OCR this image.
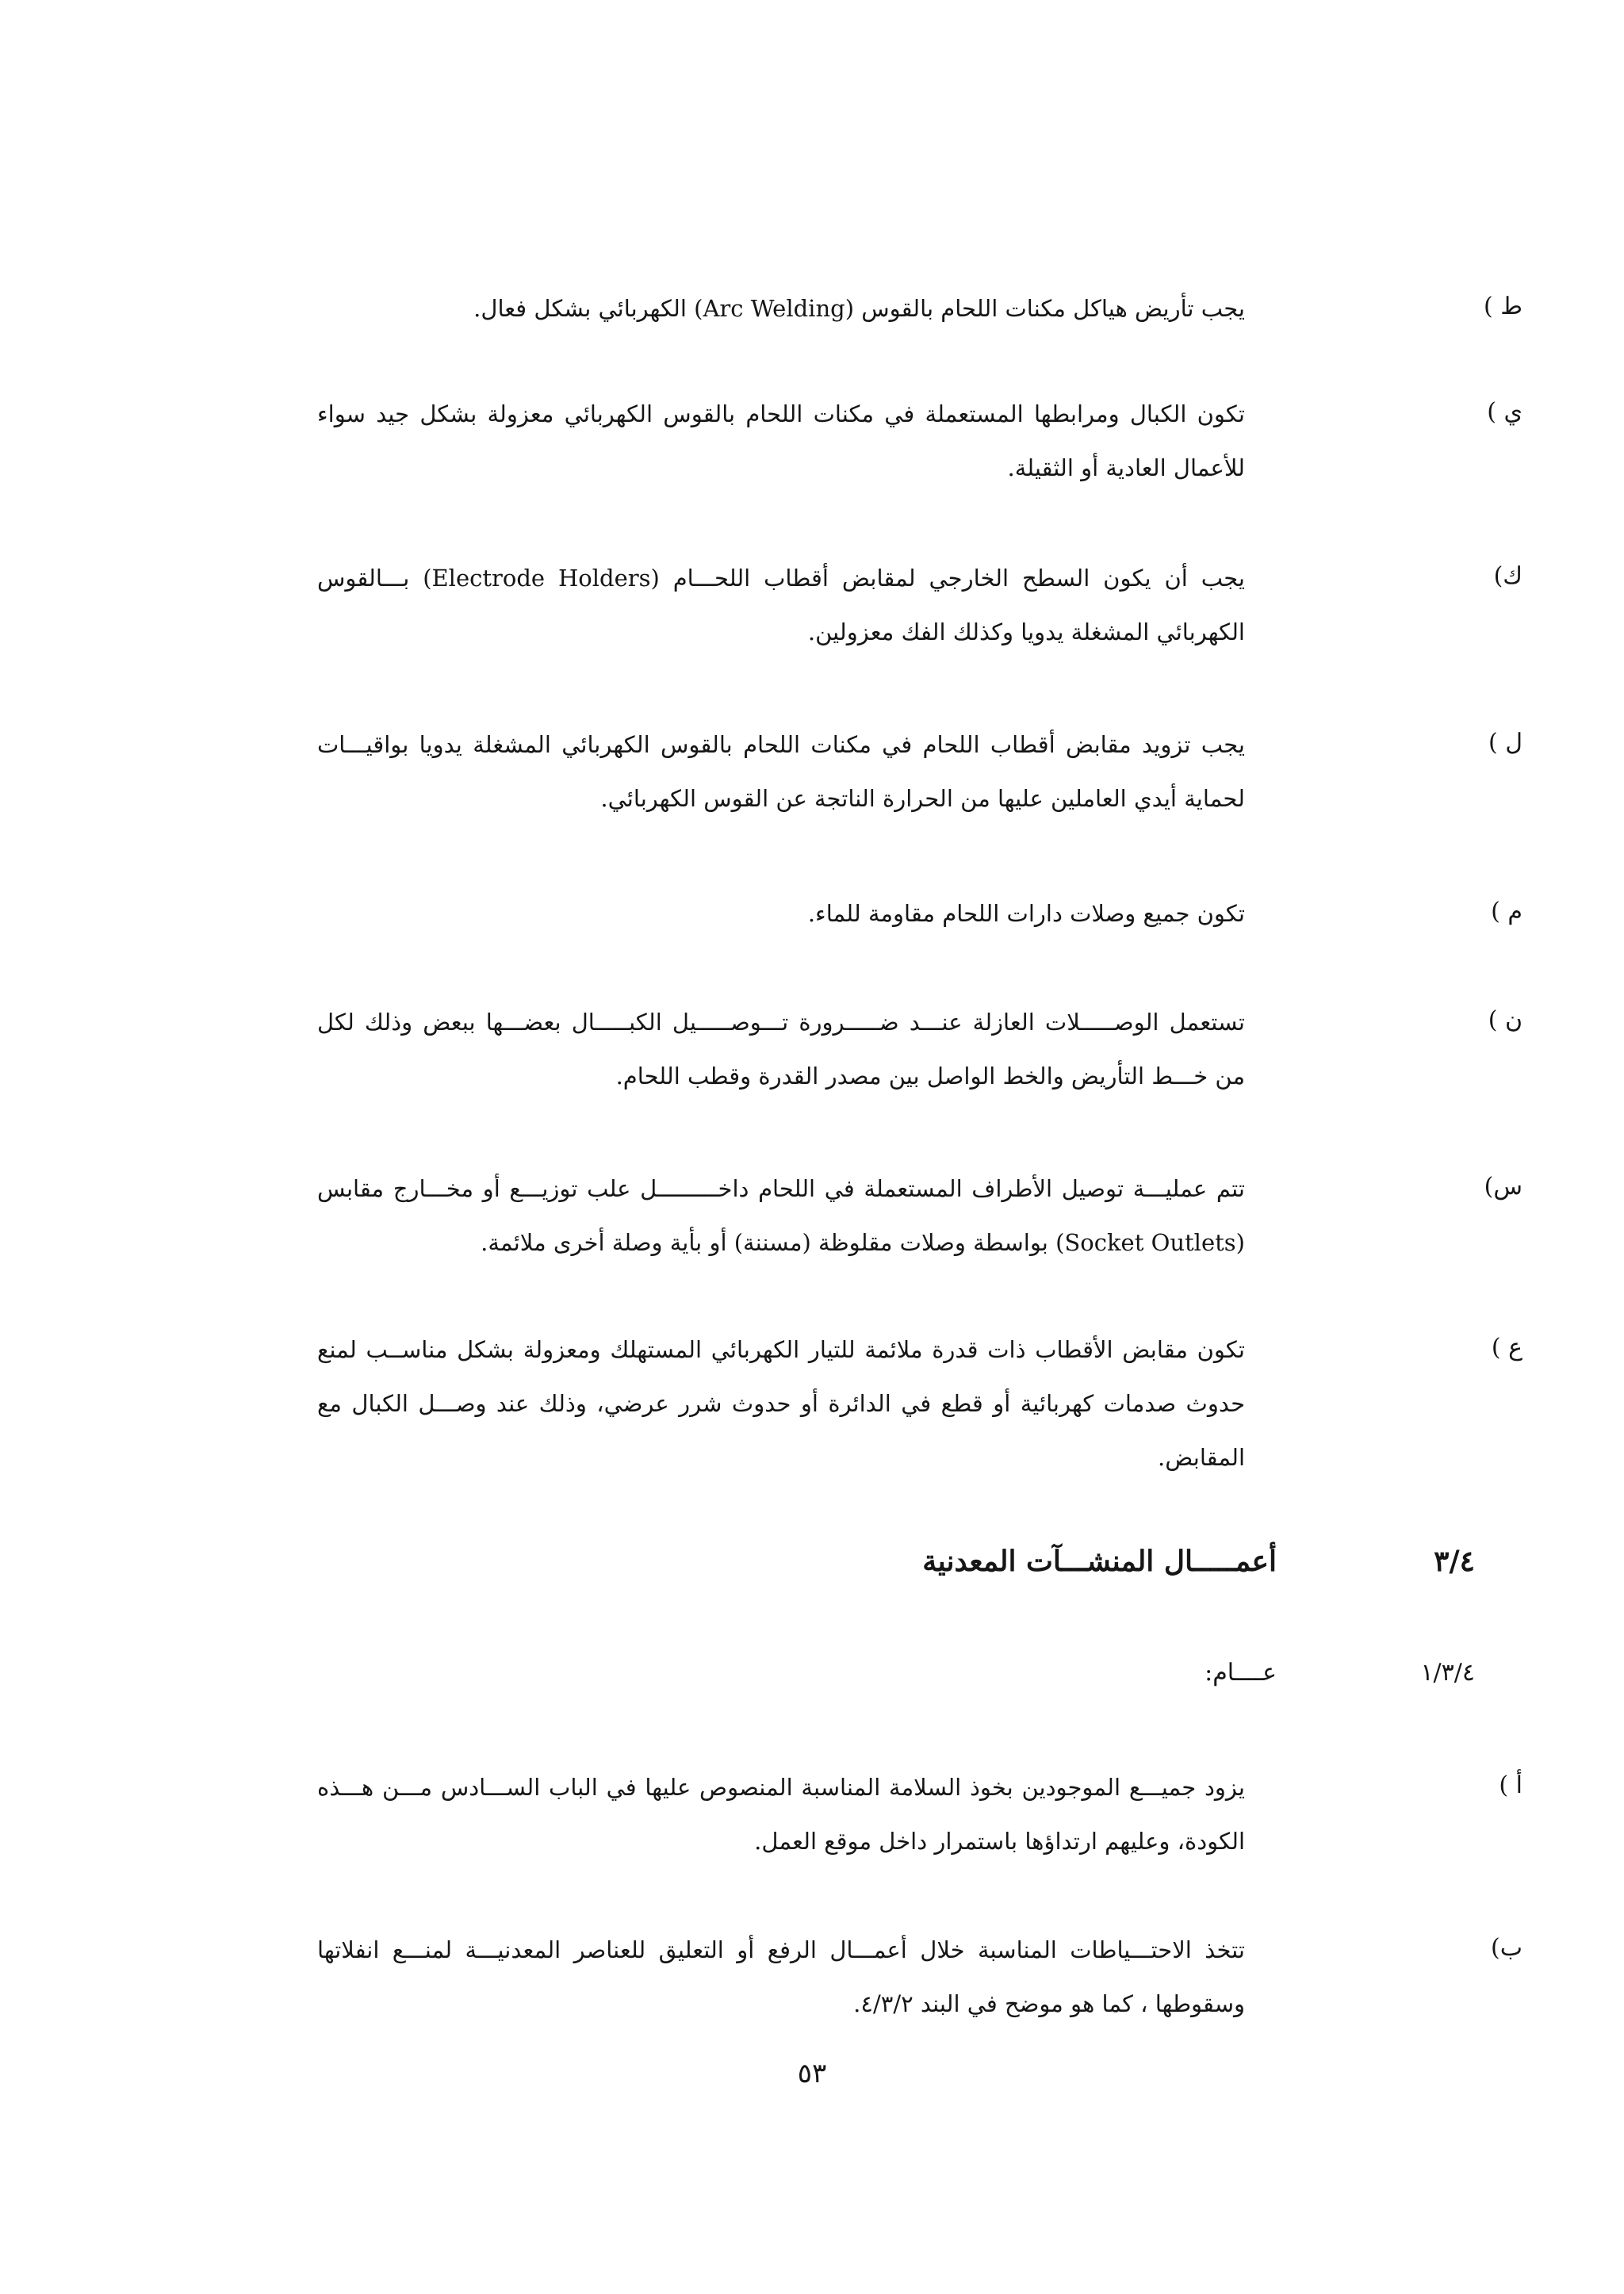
ط )
يجب تأريض هياكل مكنات اللحام بالقوس (Arc Welding) الكهربائي بشكل فعال.
ي )
تكون الكبال ومرابطها المستعملة في مكنات اللحام بالقوس الكهربائي معزولة بشكل جيد سواء للأعمال العادية أو الثقيلة.
ك)
يجب أن يكون السطح الخارجي لمقابض أقطاب اللحـــام (Electrode Holders) بـــالقوس الكهربائي المشغلة يدويا وكذلك الفك معزولين.
ل )
يجب تزويد مقابض أقطاب اللحام في مكنات اللحام بالقوس الكهربائي المشغلة يدويا بواقيـــات لحماية أيدي العاملين عليها من الحرارة الناتجة عن القوس الكهربائي.
م )
تكون جميع وصلات دارات اللحام مقاومة للماء.
ن )
تستعمل الوصـــــلات العازلة عنـــد ضـــــرورة تـــوصـــــيل الكبـــــال بعضـــها ببعض وذلك لكل من خـــط التأريض والخط الواصل بين مصدر القدرة وقطب اللحام.
س)
تتم عمليـــة توصيل الأطراف المستعملة في اللحام داخـــــــــل علب توزيـــع أو مخـــارج مقابس (Socket Outlets) بواسطة وصلات مقلوظة (مسننة) أو بأية وصلة أخرى ملائمة.
ع )
تكون مقابض الأقطاب ذات قدرة ملائمة للتيار الكهربائي المستهلك ومعزولة بشكل مناســب لمنع حدوث صدمات كهربائية أو قطع في الدائرة أو حدوث شرر عرضي، وذلك عند وصـــل الكبال مع المقابض.
٣/٤
أعمـــــال المنشـــآت المعدنية
١/٣/٤
عــــام:
أ )
يزود جميـــع الموجودين بخوذ السلامة المناسبة المنصوص عليها في الباب الســـادس مـــن هـــذه الكودة، وعليهم ارتداؤها باستمرار داخل موقع العمل.
ب)
تتخذ الاحتـــياطات المناسبة خلال أعمـــال الرفع أو التعليق للعناصر المعدنيـــة لمنـــع انفلاتها وسقوطها ، كما هو موضح في البند ٤/٣/٢.
٥٣
